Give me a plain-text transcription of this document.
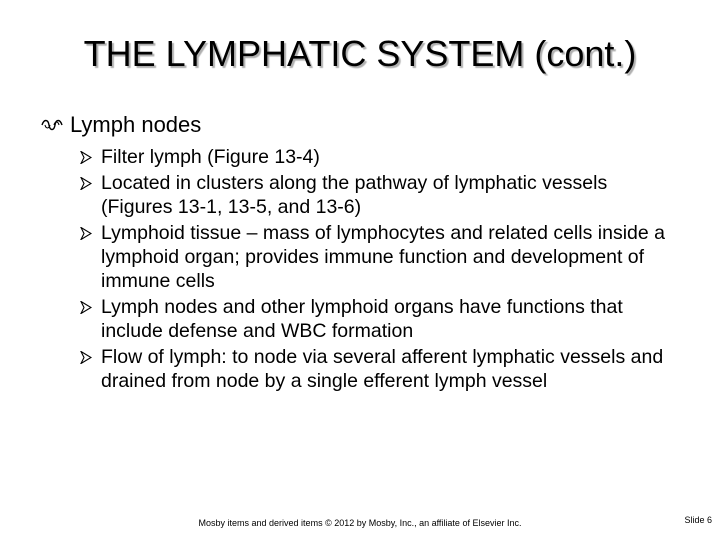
THE LYMPHATIC SYSTEM (cont.)
Lymph nodes
Filter lymph (Figure 13-4)
Located in clusters along the pathway of lymphatic vessels (Figures 13-1, 13-5, and 13-6)
Lymphoid tissue – mass of lymphocytes and related cells inside a lymphoid organ; provides immune function and development of immune cells
Lymph nodes and other lymphoid organs have functions that include defense and WBC formation
Flow of lymph: to node via several afferent lymphatic vessels and drained from node by a single efferent lymph vessel
Mosby items and derived items © 2012 by Mosby, Inc., an affiliate of Elsevier Inc.	Slide 6
